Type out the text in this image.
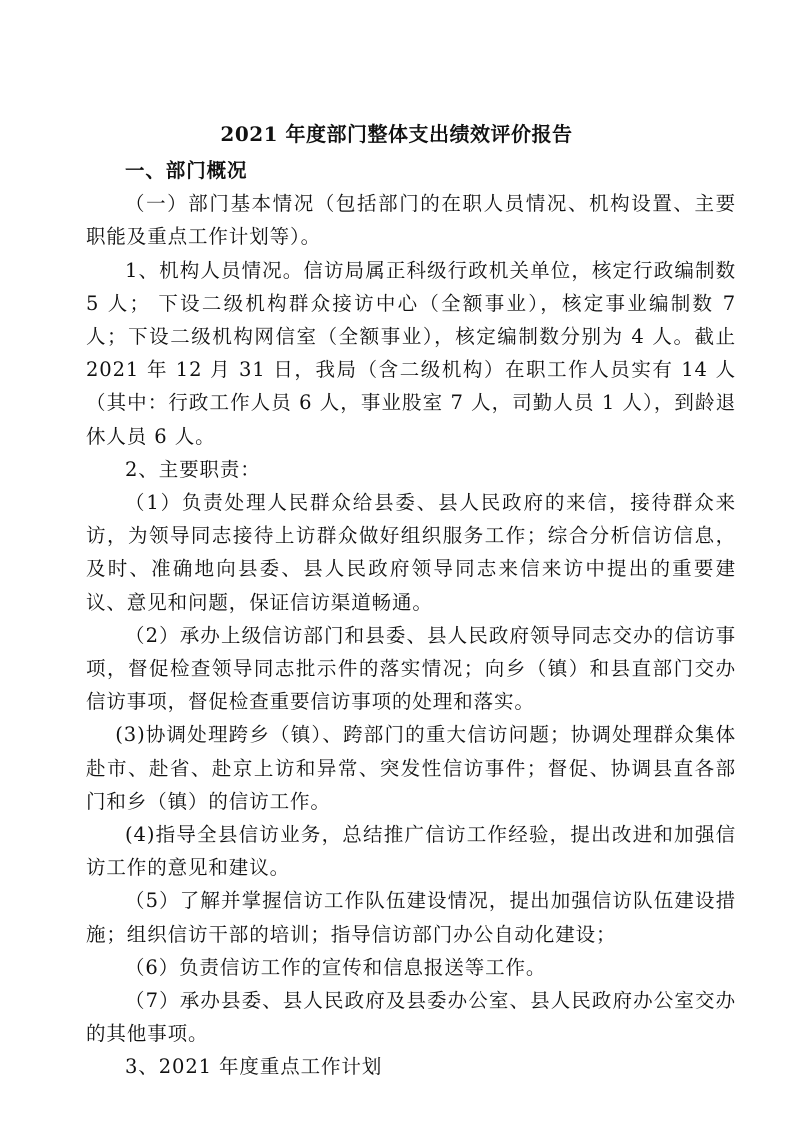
2021 年度部门整体支出绩效评价报告

一、部门概况

（一）部门基本情况（包括部门的在职人员情况、机构设置、主要职能及重点工作计划等）。

1、机构人员情况。信访局属正科级行政机关单位，核定行政编制数 5 人； 下设二级机构群众接访中心（全额事业），核定事业编制数 7 人；下设二级机构网信室（全额事业），核定编制数分别为 4 人。截止 2021 年 12 月 31 日，我局（含二级机构）在职工作人员实有 14 人（其中：行政工作人员 6 人，事业股室 7 人，司勤人员 1 人），到龄退休人员 6 人。

2、主要职责：

（1）负责处理人民群众给县委、县人民政府的来信，接待群众来访，为领导同志接待上访群众做好组织服务工作；综合分析信访信息，及时、准确地向县委、县人民政府领导同志来信来访中提出的重要建议、意见和问题，保证信访渠道畅通。

（2）承办上级信访部门和县委、县人民政府领导同志交办的信访事项，督促检查领导同志批示件的落实情况；向乡（镇）和县直部门交办信访事项，督促检查重要信访事项的处理和落实。

(3)协调处理跨乡（镇）、跨部门的重大信访问题；协调处理群众集体赴市、赴省、赴京上访和异常、突发性信访事件；督促、协调县直各部门和乡（镇）的信访工作。

(4)指导全县信访业务，总结推广信访工作经验，提出改进和加强信访工作的意见和建议。

（5）了解并掌握信访工作队伍建设情况，提出加强信访队伍建设措施；组织信访干部的培训；指导信访部门办公自动化建设；

（6）负责信访工作的宣传和信息报送等工作。

（7）承办县委、县人民政府及县委办公室、县人民政府办公室交办的其他事项。

3、2021 年度重点工作计划
